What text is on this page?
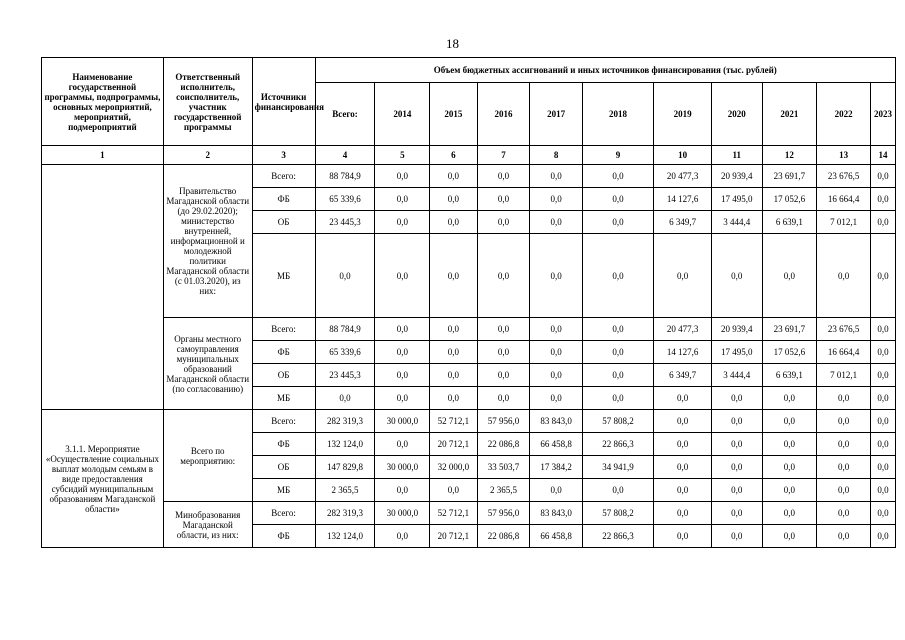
18
Наименование государственной программы, подпрограммы, основных мероприятий, мероприятий, подмероприятий	Ответственный исполнитель, соисполнитель, участник государственной программы	Источники финансирования	Объем бюджетных ассигнований и иных источников финансирования (тыс. рублей)										
			Всего:	2014	2015	2016	2017	2018	2019	2020	2021	2022	2023
1	2	3	4	5	6	7	8	9	10	11	12	13	14
	Правительство Магаданской области (до 29.02.2020); министерство внутренней, информационной и молодежной политики Магаданской области (с 01.03.2020), из них:	Всего:	88 784,9	0,0	0,0	0,0	0,0	0,0	20 477,3	20 939,4	23 691,7	23 676,5	0,0
		ФБ	65 339,6	0,0	0,0	0,0	0,0	0,0	14 127,6	17 495,0	17 052,6	16 664,4	0,0
		ОБ	23 445,3	0,0	0,0	0,0	0,0	0,0	6 349,7	3 444,4	6 639,1	7 012,1	0,0
		МБ	0,0	0,0	0,0	0,0	0,0	0,0	0,0	0,0	0,0	0,0	0,0
	Органы местного самоуправления муниципальных образований Магаданской области (по согласованию)	Всего:	88 784,9	0,0	0,0	0,0	0,0	0,0	20 477,3	20 939,4	23 691,7	23 676,5	0,0
		ФБ	65 339,6	0,0	0,0	0,0	0,0	0,0	14 127,6	17 495,0	17 052,6	16 664,4	0,0
		ОБ	23 445,3	0,0	0,0	0,0	0,0	0,0	6 349,7	3 444,4	6 639,1	7 012,1	0,0
		МБ	0,0	0,0	0,0	0,0	0,0	0,0	0,0	0,0	0,0	0,0	0,0
3.1.1. Мероприятие «Осуществление социальных выплат молодым семьям в виде предоставления субсидий муниципальным образованиям Магаданской области»	Всего по мероприятию:	Всего:	282 319,3	30 000,0	52 712,1	57 956,0	83 843,0	57 808,2	0,0	0,0	0,0	0,0	0,0
		ФБ	132 124,0	0,0	20 712,1	22 086,8	66 458,8	22 866,3	0,0	0,0	0,0	0,0	0,0
		ОБ	147 829,8	30 000,0	32 000,0	33 503,7	17 384,2	34 941,9	0,0	0,0	0,0	0,0	0,0
		МБ	2 365,5	0,0	0,0	2 365,5	0,0	0,0	0,0	0,0	0,0	0,0	0,0
	Минобразования Магаданской области, из них:	Всего:	282 319,3	30 000,0	52 712,1	57 956,0	83 843,0	57 808,2	0,0	0,0	0,0	0,0	0,0
		ФБ	132 124,0	0,0	20 712,1	22 086,8	66 458,8	22 866,3	0,0	0,0	0,0	0,0	0,0
